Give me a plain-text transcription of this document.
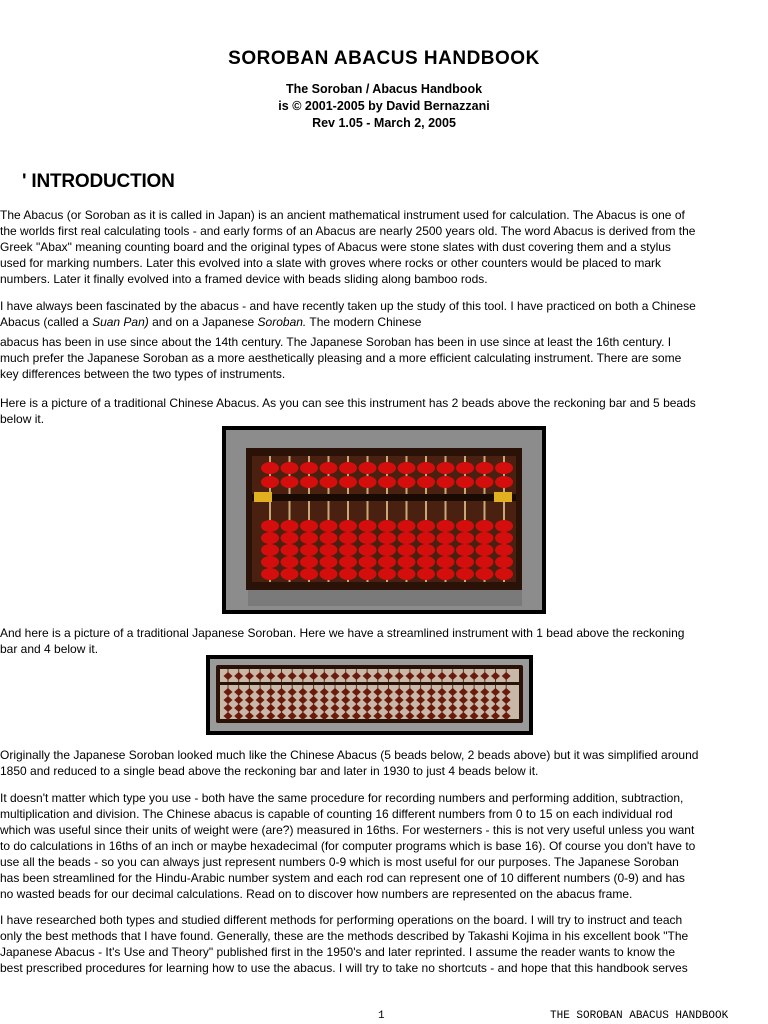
SOROBAN ABACUS HANDBOOK
The Soroban / Abacus Handbook
is © 2001-2005 by David Bernazzani
Rev 1.05 - March 2, 2005
' INTRODUCTION
The Abacus (or Soroban as it is called in Japan) is an ancient mathematical instrument used for calculation. The Abacus is one of
the worlds first real calculating tools - and early forms of an Abacus are nearly 2500 years old. The word Abacus is derived from the
Greek "Abax" meaning counting board and the original types of Abacus were stone slates with dust covering them and a stylus
used for marking numbers. Later this evolved into a slate with groves where rocks or other counters would be placed to mark
numbers. Later it finally evolved into a framed device with beads sliding along bamboo rods.
I have always been fascinated by the abacus - and have recently taken up the study of this tool. I have practiced on both a Chinese
Abacus (called a Suan Pan) and on a Japanese Soroban. The modern Chinese
abacus has been in use since about the 14th century. The Japanese Soroban has been in use since at least the 16th century. I
much prefer the Japanese Soroban as a more aesthetically pleasing and a more efficient calculating instrument. There are some
key differences between the two types of instruments.
Here is a picture of a traditional Chinese Abacus. As you can see this instrument has 2 beads above the reckoning bar and 5 beads
below it.
And here is a picture of a traditional Japanese Soroban. Here we have a streamlined instrument with 1 bead above the reckoning
bar and 4 below it.
Originally the Japanese Soroban looked much like the Chinese Abacus (5 beads below, 2 beads above) but it was simplified around
1850 and reduced to a single bead above the reckoning bar and later in 1930 to just 4 beads below it.
It doesn't matter which type you use - both have the same procedure for recording numbers and performing addition, subtraction,
multiplication and division. The Chinese abacus is capable of counting 16 different numbers from 0 to 15 on each individual rod
which was useful since their units of weight were (are?) measured in 16ths. For westerners - this is not very useful unless you want
to do calculations in 16ths of an inch or maybe hexadecimal (for computer programs which is base 16). Of course you don't have to
use all the beads - so you can always just represent numbers 0-9 which is most useful for our purposes. The Japanese Soroban
has been streamlined for the Hindu-Arabic number system and each rod can represent one of 10 different numbers (0-9) and has
no wasted beads for our decimal calculations. Read on to discover how numbers are represented on the abacus frame.
I have researched both types and studied different methods for performing operations on the board. I will try to instruct and teach
only the best methods that I have found. Generally, these are the methods described by Takashi Kojima in his excellent book "The
Japanese Abacus - It's Use and Theory" published first in the 1950's and later reprinted. I assume the reader wants to know the
best prescribed procedures for learning how to use the abacus. I will try to take no shortcuts - and hope that this handbook serves
1	THE SOROBAN ABACUS HANDBOOK
